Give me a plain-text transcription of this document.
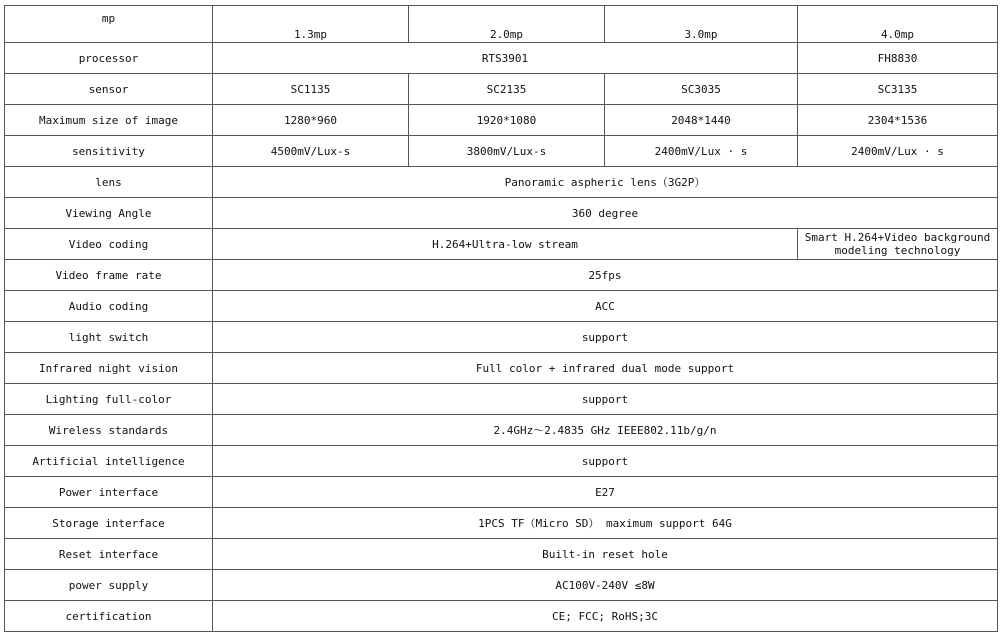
mp	1.3mp	2.0mp	3.0mp	4.0mp
processor	RTS3901			FH8830
sensor	SC1135	SC2135	SC3035	SC3135
Maximum size of image	1280*960	1920*1080	2048*1440	2304*1536
sensitivity	4500mV/Lux-s	3800mV/Lux-s	2400mV/Lux · s	2400mV/Lux · s
lens	Panoramic aspheric lens（3G2P）			
Viewing Angle	360 degree			
Video coding	H.264+Ultra-low stream			Smart H.264+Video background modeling technology
Video frame rate	25fps			
Audio coding	ACC			
light switch	support			
Infrared night vision	Full color + infrared dual mode support			
Lighting full-color	support			
Wireless standards	2.4GHz～2.4835 GHz IEEE802.11b/g/n			
Artificial intelligence	support			
Power interface	E27			
Storage interface	1PCS TF（Micro SD） maximum support 64G			
Reset interface	Built-in reset hole			
power supply	AC100V-240V ≤8W			
certification	CE; FCC; RoHS;3C			
